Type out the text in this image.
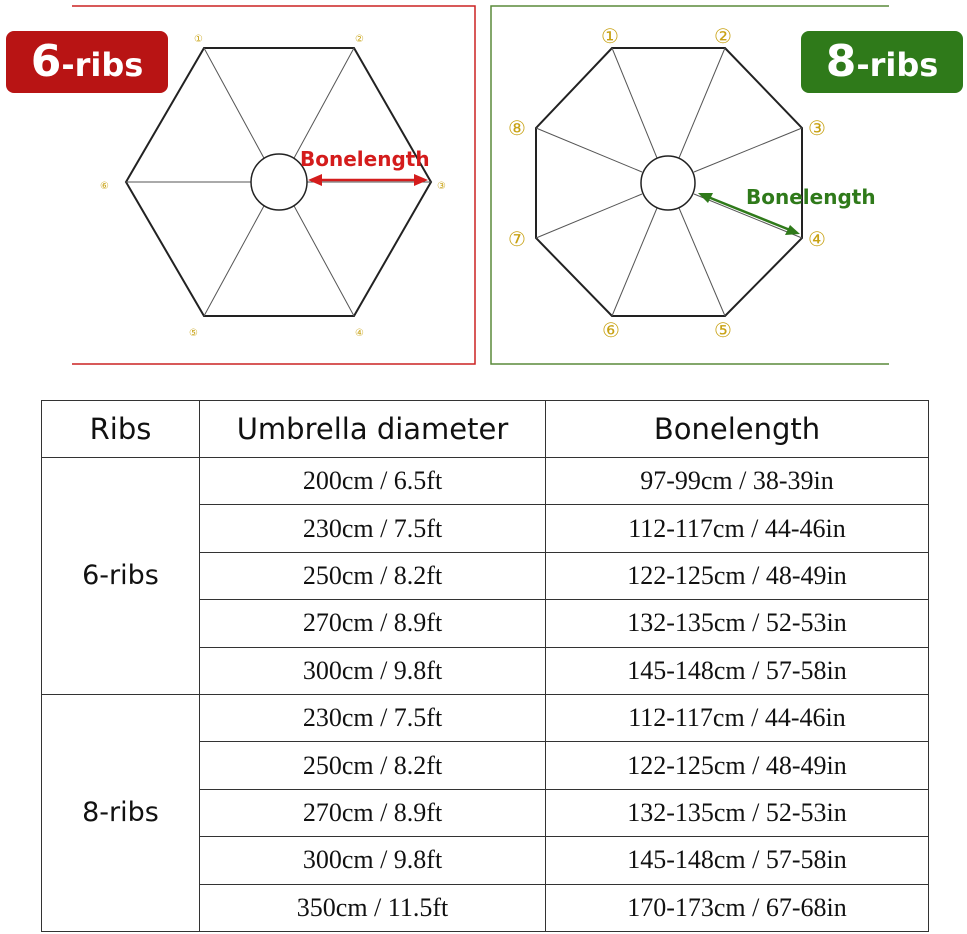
Bonelength
①	②
③
④
⑤
⑥
6 -ribs
Bonelength
①	②
③
④
⑤
⑥
⑦
⑧
8 -ribs
Ribs	Umbrella diameter	Bonelength
6-ribs	200cm / 6.5ft	97-99cm / 38-39in
	230cm / 7.5ft	112-117cm / 44-46in
	250cm / 8.2ft	122-125cm / 48-49in
	270cm / 8.9ft	132-135cm / 52-53in
	300cm / 9.8ft	145-148cm / 57-58in
8-ribs	230cm / 7.5ft	112-117cm / 44-46in
	250cm / 8.2ft	122-125cm / 48-49in
	270cm / 8.9ft	132-135cm / 52-53in
	300cm / 9.8ft	145-148cm / 57-58in
	350cm / 11.5ft	170-173cm / 67-68in
